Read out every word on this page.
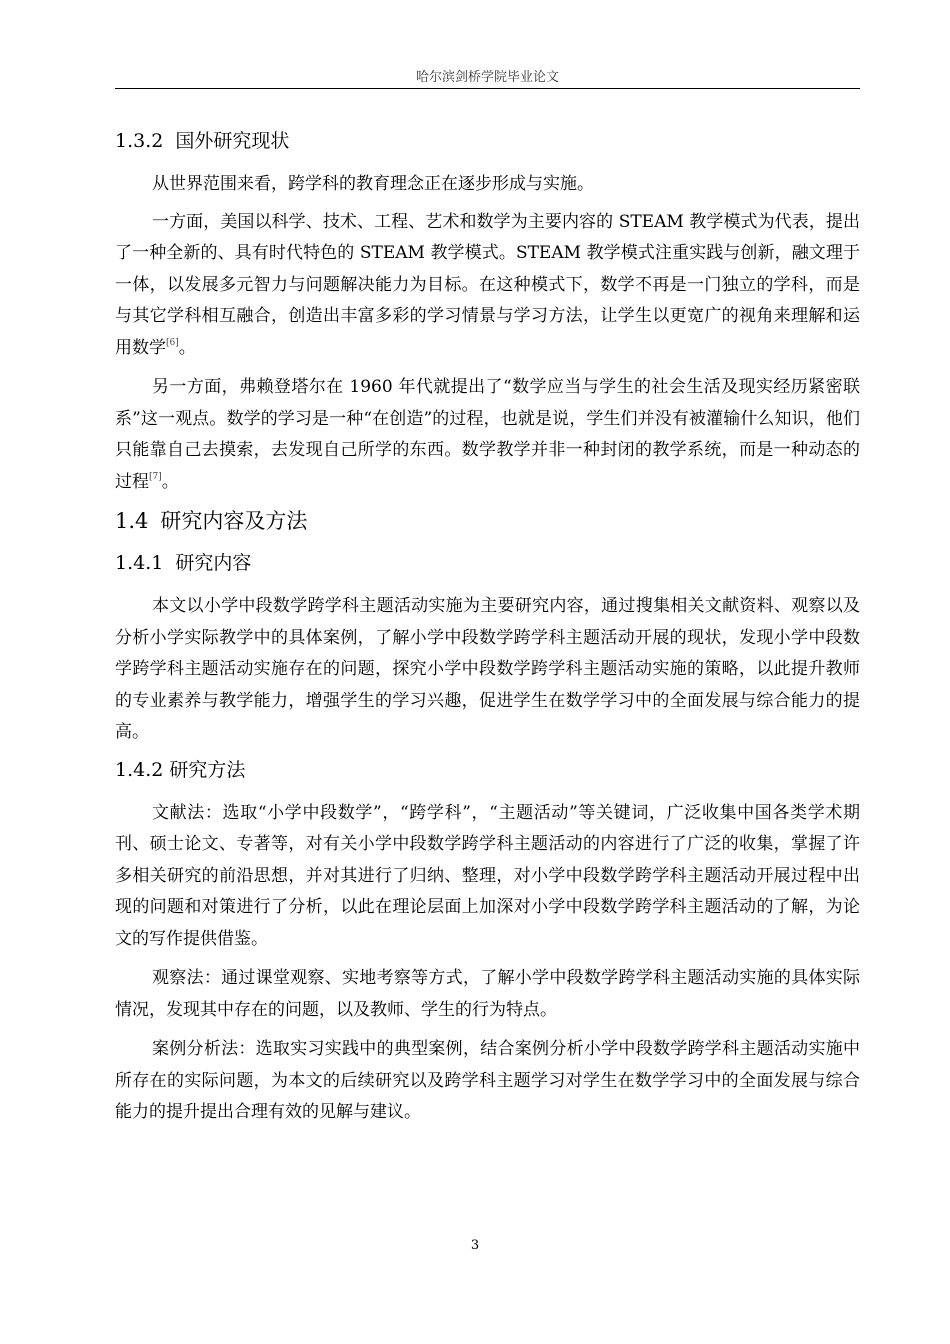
哈尔滨剑桥学院毕业论文
1.3.2 国外研究现状

从世界范围来看，跨学科的教育理念正在逐步形成与实施。

一方面，美国以科学、技术、工程、艺术和数学为主要内容的 STEAM 教学模式为代表，提出了一种全新的、具有时代特色的 STEAM 教学模式。STEAM 教学模式注重实践与创新，融文理于一体，以发展多元智力与问题解决能力为目标。在这种模式下，数学不再是一门独立的学科，而是与其它学科相互融合，创造出丰富多彩的学习情景与学习方法，让学生以更宽广的视角来理解和运用数学[6]。

另一方面，弗赖登塔尔在 1960 年代就提出了“数学应当与学生的社会生活及现实经历紧密联系”这一观点。数学的学习是一种“在创造”的过程，也就是说，学生们并没有被灌输什么知识，他们只能靠自己去摸索，去发现自己所学的东西。数学教学并非一种封闭的教学系统，而是一种动态的过程[7]。

1.4 研究内容及方法
1.4.1 研究内容

本文以小学中段数学跨学科主题活动实施为主要研究内容，通过搜集相关文献资料、观察以及分析小学实际教学中的具体案例，了解小学中段数学跨学科主题活动开展的现状，发现小学中段数学跨学科主题活动实施存在的问题，探究小学中段数学跨学科主题活动实施的策略，以此提升教师的专业素养与教学能力，增强学生的学习兴趣，促进学生在数学学习中的全面发展与综合能力的提高。

1.4.2 研究方法

文献法：选取“小学中段数学”，“跨学科”，“主题活动”等关键词，广泛收集中国各类学术期刊、硕士论文、专著等，对有关小学中段数学跨学科主题活动的内容进行了广泛的收集，掌握了许多相关研究的前沿思想，并对其进行了归纳、整理，对小学中段数学跨学科主题活动开展过程中出现的问题和对策进行了分析，以此在理论层面上加深对小学中段数学跨学科主题活动的了解，为论文的写作提供借鉴。

观察法：通过课堂观察、实地考察等方式，了解小学中段数学跨学科主题活动实施的具体实际情况，发现其中存在的问题，以及教师、学生的行为特点。

案例分析法：选取实习实践中的典型案例，结合案例分析小学中段数学跨学科主题活动实施中所存在的实际问题，为本文的后续研究以及跨学科主题学习对学生在数学学习中的全面发展与综合能力的提升提出合理有效的见解与建议。

3
